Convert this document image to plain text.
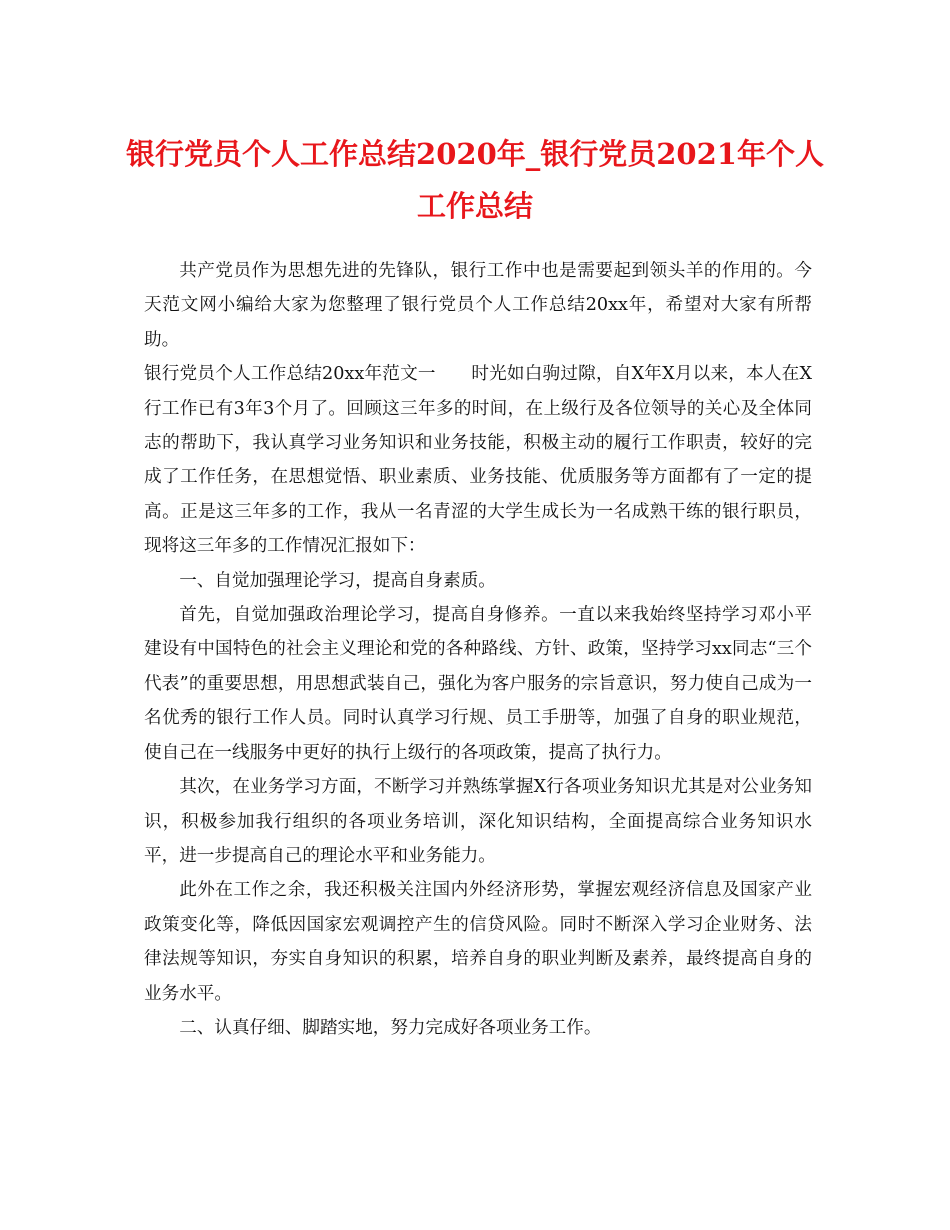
银行党员个人工作总结2020年_银行党员2021年个人工作总结

共产党员作为思想先进的先锋队，银行工作中也是需要起到领头羊的作用的。今天范文网小编给大家为您整理了银行党员个人工作总结20xx年，希望对大家有所帮助。

银行党员个人工作总结20xx年范文一　　时光如白驹过隙，自X年X月以来，本人在X行工作已有3年3个月了。回顾这三年多的时间，在上级行及各位领导的关心及全体同志的帮助下，我认真学习业务知识和业务技能，积极主动的履行工作职责，较好的完成了工作任务，在思想觉悟、职业素质、业务技能、优质服务等方面都有了一定的提高。正是这三年多的工作，我从一名青涩的大学生成长为一名成熟干练的银行职员，现将这三年多的工作情况汇报如下：

一、自觉加强理论学习，提高自身素质。

首先，自觉加强政治理论学习，提高自身修养。一直以来我始终坚持学习邓小平建设有中国特色的社会主义理论和党的各种路线、方针、政策，坚持学习xx同志“三个代表”的重要思想，用思想武装自己，强化为客户服务的宗旨意识，努力使自己成为一名优秀的银行工作人员。同时认真学习行规、员工手册等，加强了自身的职业规范，使自己在一线服务中更好的执行上级行的各项政策，提高了执行力。

其次，在业务学习方面，不断学习并熟练掌握X行各项业务知识尤其是对公业务知识，积极参加我行组织的各项业务培训，深化知识结构，全面提高综合业务知识水平，进一步提高自己的理论水平和业务能力。

此外在工作之余，我还积极关注国内外经济形势，掌握宏观经济信息及国家产业政策变化等，降低因国家宏观调控产生的信贷风险。同时不断深入学习企业财务、法律法规等知识，夯实自身知识的积累，培养自身的职业判断及素养，最终提高自身的业务水平。

二、认真仔细、脚踏实地，努力完成好各项业务工作。
